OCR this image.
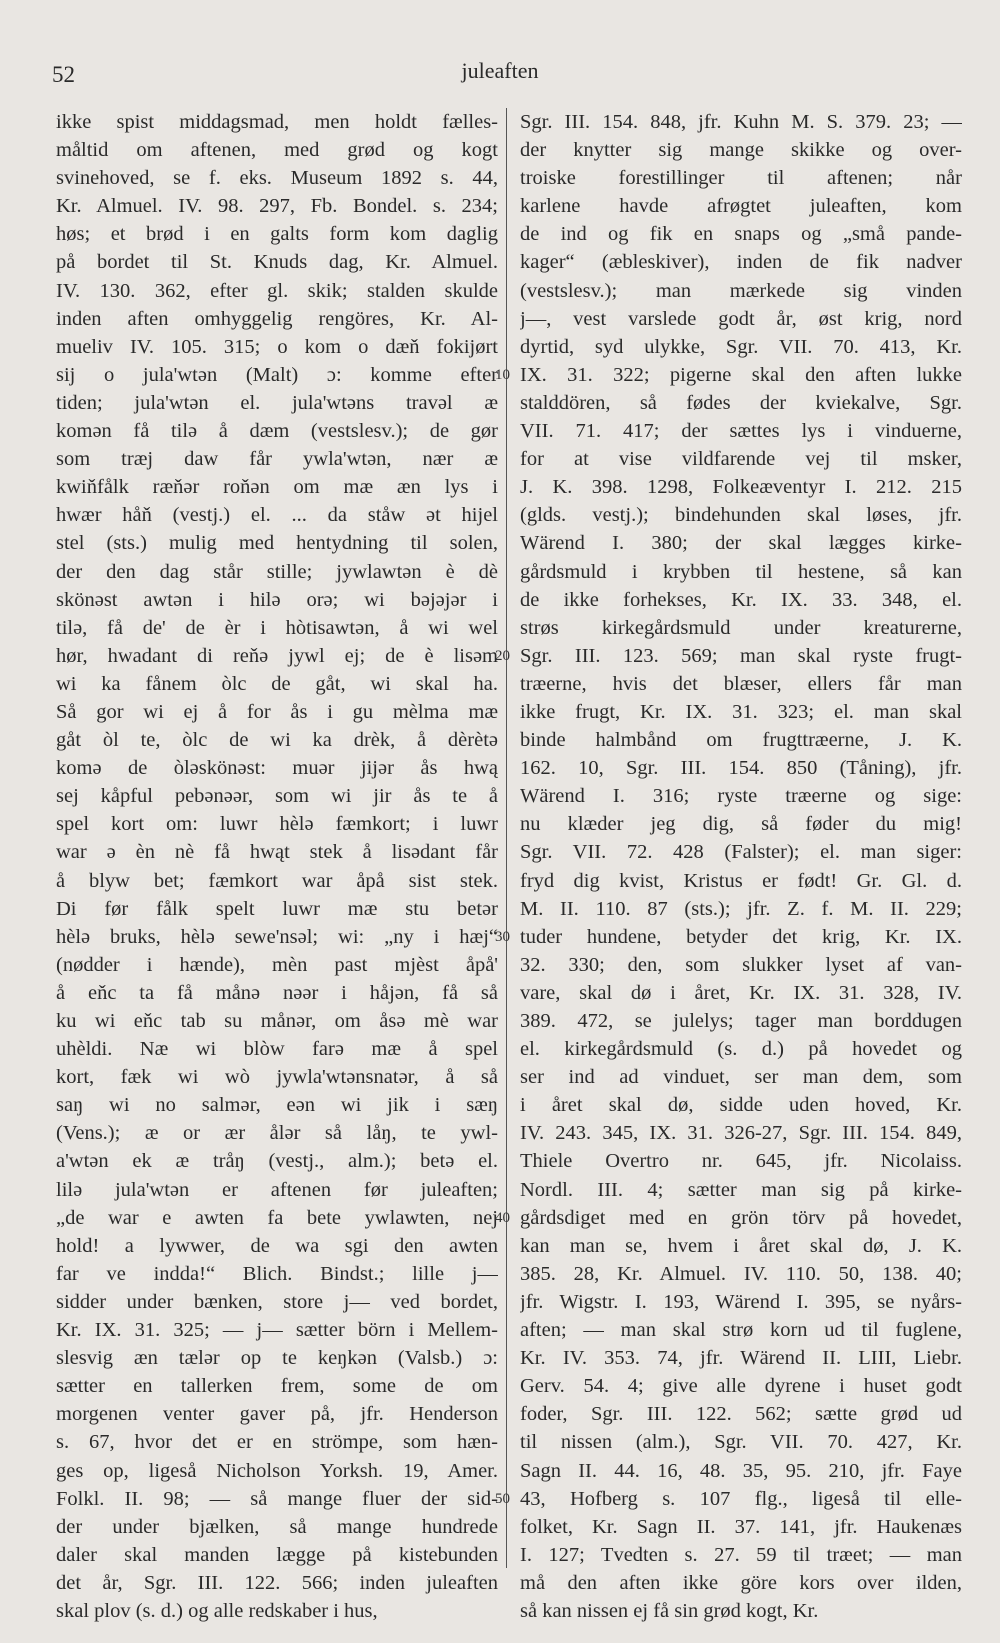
52	juleaften
ikke spist middagsmad, men holdt fælles-
måltid om aftenen, med grød og kogt
svinehoved, se f. eks. Museum 1892 s. 44,
Kr. Almuel. IV. 98. 297, Fb. Bondel. s. 234;
høs; et brød i en galts form kom daglig
på bordet til St. Knuds dag, Kr. Almuel.
IV. 130. 362, efter gl. skik; stalden skulde
inden aften omhyggelig rengöres, Kr. Al-
mueliv IV. 105. 315; o kom o dæň fokijørt
sij o jula'wtən (Malt) ɔ: komme efter
tiden; jula'wtən el. jula'wtəns travəl æ
komən få tilə å dæm (vestslesv.); de gør
som træj daw får ywla'wtən, nær æ
kwiňfålk ræňər roňən om mæ æn lys i
hwær håň (vestj.) el. ... da ståw ət hijel
stel (sts.) mulig med hentydning til solen,
der den dag står stille; jywlawtən è dè
skönəst awtən i hilə orə; wi bəjəjər i
tilə, få de' de èr i hòtisawtən, å wi wel
hør, hwadant di reňə jywl ej; de è lisəm
wi ka fånem òlc de gåt, wi skal ha.
Så gor wi ej å for ås i gu mèlma mæ
gåt òl te, òlc de wi ka drèk, å dèrètə
komə de òləskönəst: muər jijər ås hwą
sej kåpful pebənəər, som wi jir ås te å
spel kort om: luwr hèlə fæmkort; i luwr
war ə èn nè få hwąt stek å lisədant får
å blyw bet; fæmkort war åpå sist stek.
Di før fålk spelt luwr mæ stu betər
hèlə bruks, hèlə sewe'nsəl; wi: „ny i hæj“
(nødder i hænde), mèn past mjèst åpå'
å eňc ta få månə nəər i håjən, få så
ku wi eňc tab su månər, om åsə mè war
uhèldi. Næ wi blòw farə mæ å spel
kort, fæk wi wò jywla'wtənsnatər, å så
saŋ wi no salmər, eən wi jik i sæŋ
(Vens.); æ or ær ålər så låŋ, te ywl-
a'wtən ek æ tråŋ (vestj., alm.); betə el.
lilə jula'wtən er aftenen før juleaften;
„de war e awten fa bete ywlawten, nej
hold! a lywwer, de wa sgi den awten
far ve indda!“ Blich. Bindst.; lille j—
sidder under bænken, store j— ved bordet,
Kr. IX. 31. 325; — j— sætter börn i Mellem-
slesvig æn tælər op te keŋkən (Valsb.) ɔ:
sætter en tallerken frem, some de om
morgenen venter gaver på, jfr. Henderson
s. 67, hvor det er en strömpe, som hæn-
ges op, ligeså Nicholson Yorksh. 19, Amer.
Folkl. II. 98; — så mange fluer der sid-
der under bjælken, så mange hundrede
daler skal manden lægge på kistebunden
det år, Sgr. III. 122. 566; inden juleaften
skal plov (s. d.) og alle redskaber i hus,
Sgr. III. 154. 848, jfr. Kuhn M. S. 379. 23; —
der knytter sig mange skikke og over-
troiske forestillinger til aftenen; når
karlene havde afrøgtet juleaften, kom
de ind og fik en snaps og „små pande-
kager“ (æbleskiver), inden de fik nadver
(vestslesv.); man mærkede sig vinden
j—, vest varslede godt år, øst krig, nord
dyrtid, syd ulykke, Sgr. VII. 70. 413, Kr.
IX. 31. 322; pigerne skal den aften lukke
stalddören, så fødes der kviekalve, Sgr.
VII. 71. 417; der sættes lys i vinduerne,
for at vise vildfarende vej til msker,
J. K. 398. 1298, Folkeæventyr I. 212. 215
(glds. vestj.); bindehunden skal løses, jfr.
Wärend I. 380; der skal lægges kirke-
gårdsmuld i krybben til hestene, så kan
de ikke forhekses, Kr. IX. 33. 348, el.
strøs kirkegårdsmuld under kreaturerne,
Sgr. III. 123. 569; man skal ryste frugt-
træerne, hvis det blæser, ellers får man
ikke frugt, Kr. IX. 31. 323; el. man skal
binde halmbånd om frugttræerne, J. K.
162. 10, Sgr. III. 154. 850 (Tåning), jfr.
Wärend I. 316; ryste træerne og sige:
nu klæder jeg dig, så føder du mig!
Sgr. VII. 72. 428 (Falster); el. man siger:
fryd dig kvist, Kristus er født! Gr. Gl. d.
M. II. 110. 87 (sts.); jfr. Z. f. M. II. 229;
tuder hundene, betyder det krig, Kr. IX.
32. 330; den, som slukker lyset af van-
vare, skal dø i året, Kr. IX. 31. 328, IV.
389. 472, se julelys; tager man borddugen
el. kirkegårdsmuld (s. d.) på hovedet og
ser ind ad vinduet, ser man dem, som
i året skal dø, sidde uden hoved, Kr.
IV. 243. 345, IX. 31. 326-27, Sgr. III. 154. 849,
Thiele Overtro nr. 645, jfr. Nicolaiss.
Nordl. III. 4; sætter man sig på kirke-
gårdsdiget med en grön törv på hovedet,
kan man se, hvem i året skal dø, J. K.
385. 28, Kr. Almuel. IV. 110. 50, 138. 40;
jfr. Wigstr. I. 193, Wärend I. 395, se nyårs-
aften; — man skal strø korn ud til fuglene,
Kr. IV. 353. 74, jfr. Wärend II. LIII, Liebr.
Gerv. 54. 4; give alle dyrene i huset godt
foder, Sgr. III. 122. 562; sætte grød ud
til nissen (alm.), Sgr. VII. 70. 427, Kr.
Sagn II. 44. 16, 48. 35, 95. 210, jfr. Faye
43, Hofberg s. 107 flg., ligeså til elle-
folket, Kr. Sagn II. 37. 141, jfr. Haukenæs
I. 127; Tvedten s. 27. 59 til træet; — man
må den aften ikke göre kors over ilden,
så kan nissen ej få sin grød kogt, Kr.
10
20
30
40
50
